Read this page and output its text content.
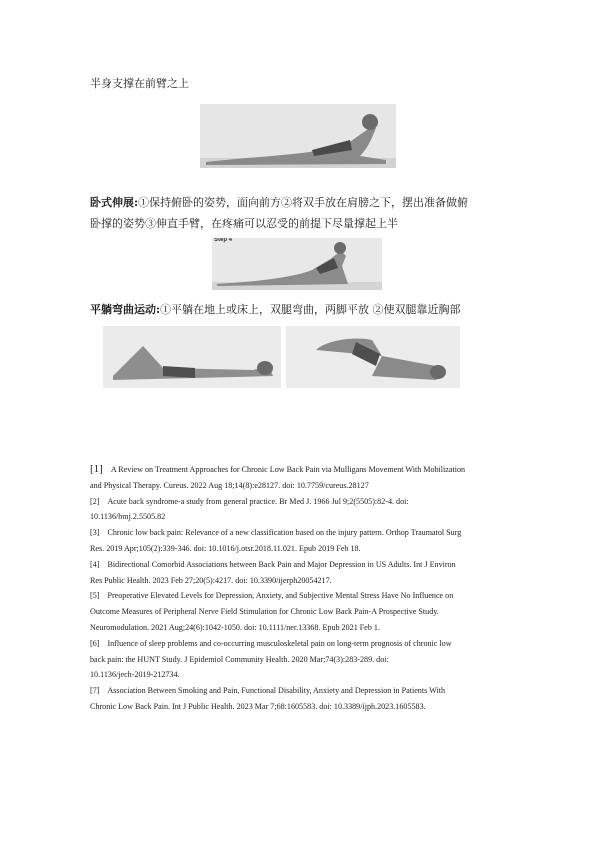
半身支撑在前臂之上
卧式伸展:①保持俯卧的姿势，面向前方②将双手放在肩膀之下，摆出准备做俯
卧撑的姿势③伸直手臂，在疼痛可以忍受的前提下尽量撑起上半
Step 4
平躺弯曲运动:①平躺在地上或床上，双腿弯曲，两脚平放 ②使双腿靠近胸部
[1] A Review on Treatment Approaches for Chronic Low Back Pain via Mulligans Movement With Mobilization
and Physical Therapy. Cureus. 2022 Aug 18;14(8):e28127. doi: 10.7759/cureus.28127
[2] Acute back syndrome-a study from general practice. Br Med J. 1966 Jul 9;2(5505):82-4. doi:
10.1136/bmj.2.5505.82
[3] Chronic low back pain: Relevance of a new classification based on the injury pattern. Orthop Traumatol Surg
Res. 2019 Apr;105(2):339-346. doi: 10.1016/j.otsr.2018.11.021. Epub 2019 Feb 18.
[4] Bidirectional Comorbid Associations between Back Pain and Major Depression in US Adults. Int J Environ
Res Public Health. 2023 Feb 27;20(5):4217. doi: 10.3390/ijerph20054217.
[5] Preoperative Elevated Levels for Depression, Anxiety, and Subjective Mental Stress Have No Influence on
Outcome Measures of Peripheral Nerve Field Stimulation for Chronic Low Back Pain-A Prospective Study.
Neuromodulation. 2021 Aug;24(6):1042-1050. doi: 10.1111/ner.13368. Epub 2021 Feb 1.
[6] Influence of sleep problems and co-occurring musculoskeletal pain on long-term prognosis of chronic low
back pain: the HUNT Study. J Epidemiol Community Health. 2020 Mar;74(3):283-289. doi:
10.1136/jech-2019-212734.
[7] Association Between Smoking and Pain, Functional Disability, Anxiety and Depression in Patients With
Chronic Low Back Pain. Int J Public Health. 2023 Mar 7;68:1605583. doi: 10.3389/ijph.2023.1605583.
